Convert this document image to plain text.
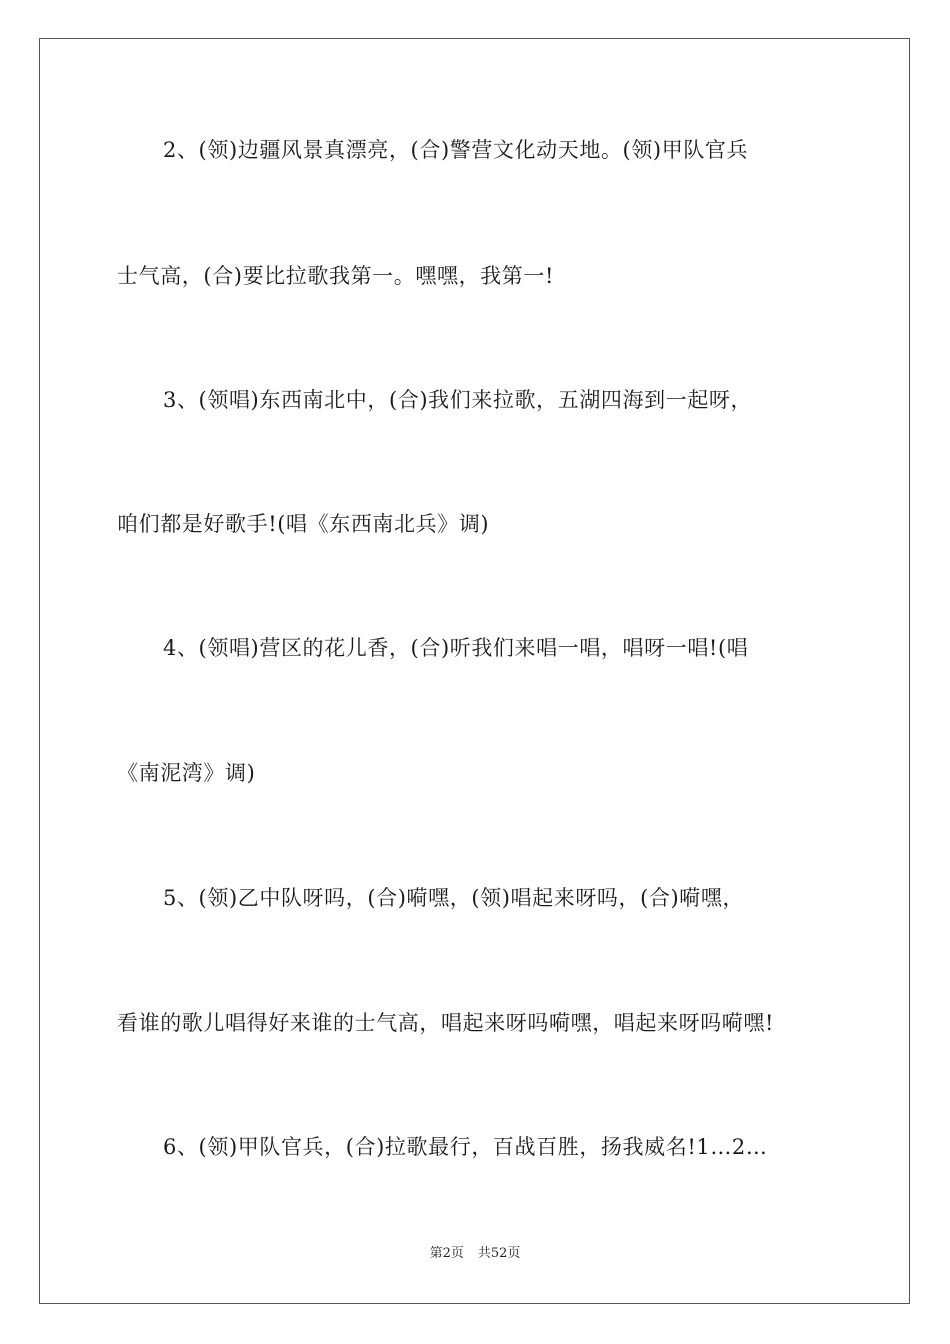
2、(领)边疆风景真漂亮，(合)警营文化动天地。(领)甲队官兵
士气高，(合)要比拉歌我第一。嘿嘿，我第一!
3、(领唱)东西南北中，(合)我们来拉歌，五湖四海到一起呀，
咱们都是好歌手!(唱《东西南北兵》调)
4、(领唱)营区的花儿香，(合)听我们来唱一唱，唱呀一唱!(唱
《南泥湾》调)
5、(领)乙中队呀吗，(合)嗬嘿，(领)唱起来呀吗，(合)嗬嘿，
看谁的歌儿唱得好来谁的士气高，唱起来呀吗嗬嘿，唱起来呀吗嗬嘿!
6、(领)甲队官兵，(合)拉歌最行，百战百胜，扬我威名!1…2…
第2页 共52页
